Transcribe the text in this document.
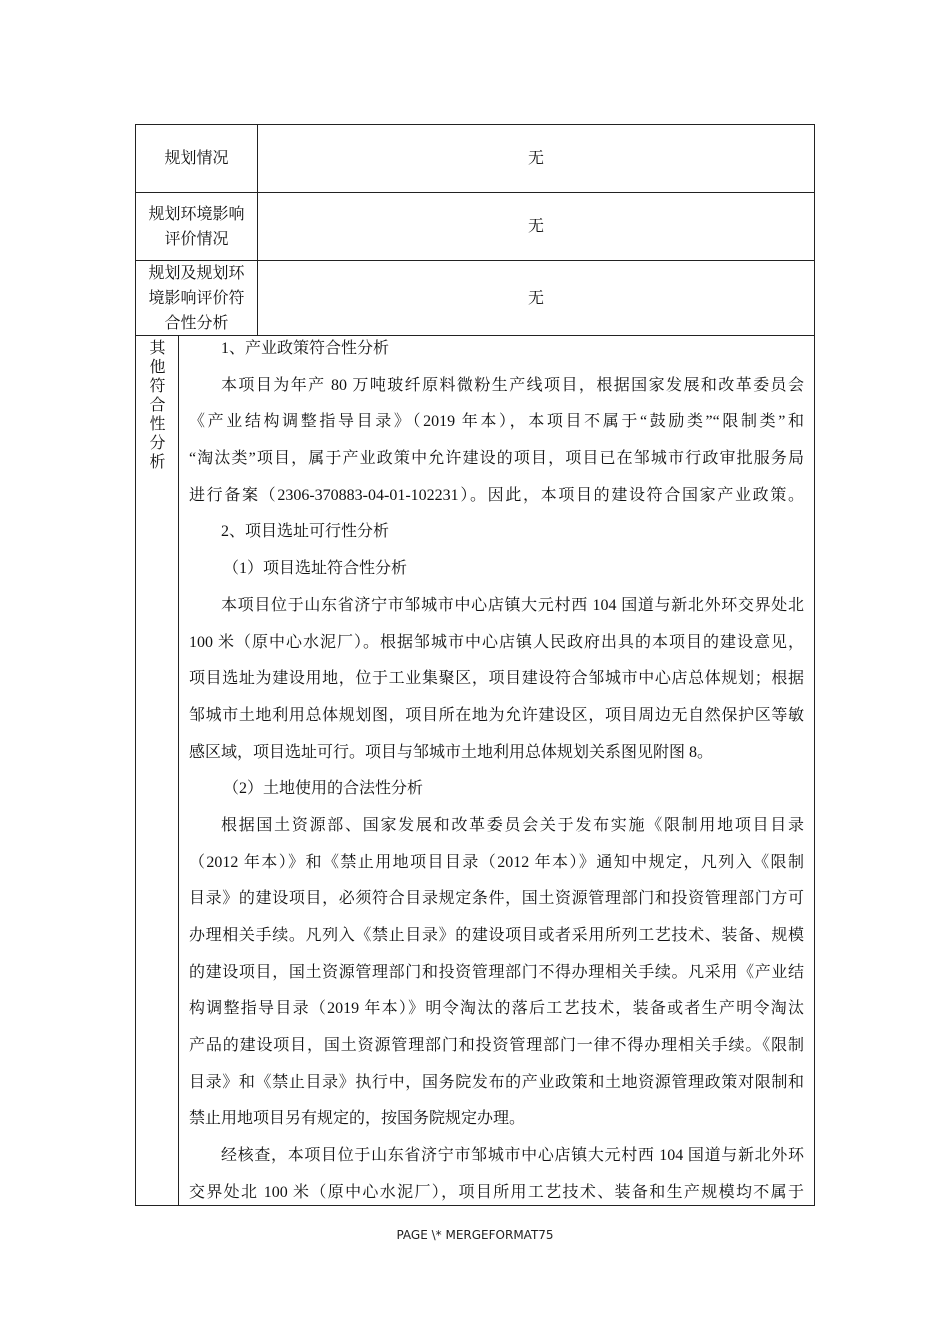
规划情况	无
规划环境影响
评价情况
无
规划及规划环
境影响评价符
合性分析
无
其
他
符
合
性
分
析
1、产业政策符合性分析
本项目为年产 80 万吨玻纤原料微粉生产线项目，根据国家发展和改革委员会
《产业结构调整指导目录》（2019 年本），本项目不属于“鼓励类”“限制类”和
“淘汰类”项目，属于产业政策中允许建设的项目，项目已在邹城市行政审批服务局
进行备案（2306-370883-04-01-102231）。因此，本项目的建设符合国家产业政策。
2、项目选址可行性分析
（1）项目选址符合性分析
本项目位于山东省济宁市邹城市中心店镇大元村西 104 国道与新北外环交界处北
100 米（原中心水泥厂）。根据邹城市中心店镇人民政府出具的本项目的建设意见，
项目选址为建设用地，位于工业集聚区，项目建设符合邹城市中心店总体规划；根据
邹城市土地利用总体规划图，项目所在地为允许建设区，项目周边无自然保护区等敏
感区域，项目选址可行。项目与邹城市土地利用总体规划关系图见附图 8。
（2）土地使用的合法性分析
根据国土资源部、国家发展和改革委员会关于发布实施《限制用地项目目录
（2012 年本）》和《禁止用地项目目录（2012 年本）》通知中规定，凡列入《限制
目录》的建设项目，必须符合目录规定条件，国土资源管理部门和投资管理部门方可
办理相关手续。凡列入《禁止目录》的建设项目或者采用所列工艺技术、装备、规模
的建设项目，国土资源管理部门和投资管理部门不得办理相关手续。凡采用《产业结
构调整指导目录（2019 年本）》明令淘汰的落后工艺技术，装备或者生产明令淘汰
产品的建设项目，国土资源管理部门和投资管理部门一律不得办理相关手续。《限制
目录》和《禁止目录》执行中，国务院发布的产业政策和土地资源管理政策对限制和
禁止用地项目另有规定的，按国务院规定办理。
经核查，本项目位于山东省济宁市邹城市中心店镇大元村西 104 国道与新北外环
交界处北 100 米（原中心水泥厂），项目所用工艺技术、装备和生产规模均不属于
PAGE \* MERGEFORMAT75
